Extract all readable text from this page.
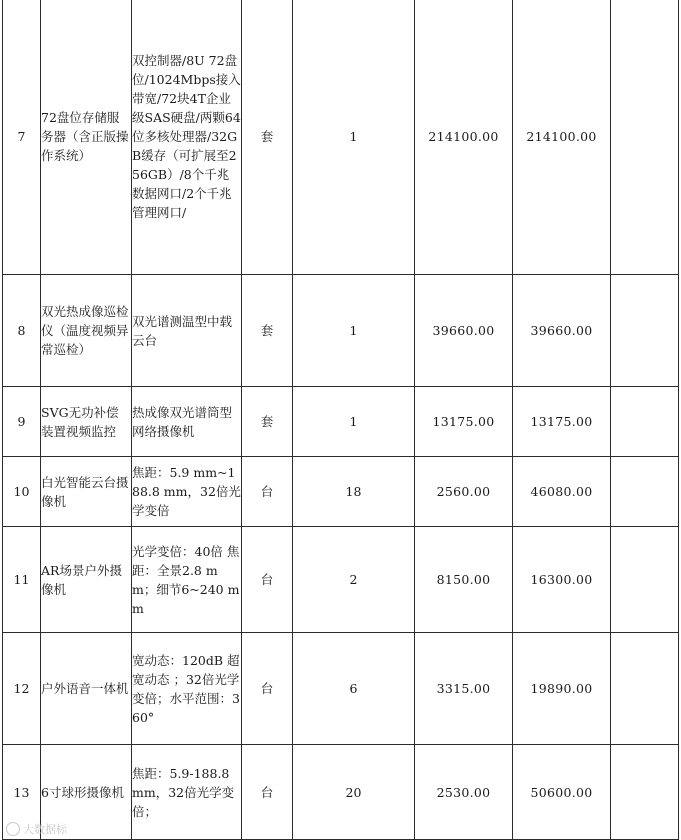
7	72盘位存储服务器（含正版操作系统）	双控制器/8U 72盘位/1024Mbps接入带宽/72块4T企业级SAS硬盘/两颗64位多核处理器/32GB缓存（可扩展至256GB）/8个千兆数据网口/2个千兆管理网口/	套	1	214100.00	214100.00	
8	双光热成像巡检仪（温度视频异常巡检）	双光谱测温型中载云台	套	1	39660.00	39660.00	
9	SVG无功补偿装置视频监控	热成像双光谱筒型网络摄像机	套	1	13175.00	13175.00	
10	白光智能云台摄像机	焦距：5.9 mm~188.8 mm，32倍光学变倍	台	18	2560.00	46080.00	
11	AR场景户外摄像机	光学变倍：40倍 焦距：全景2.8 mm；细节6~240 mm	台	2	8150.00	16300.00	
12	户外语音一体机	宽动态：120dB 超宽动态 ；32倍光学变倍；水平范围：360°	台	6	3315.00	19890.00	
13	6寸球形摄像机	焦距：5.9-188.8 mm，32倍光学变倍；	台	20	2530.00	50600.00	
大数据标
